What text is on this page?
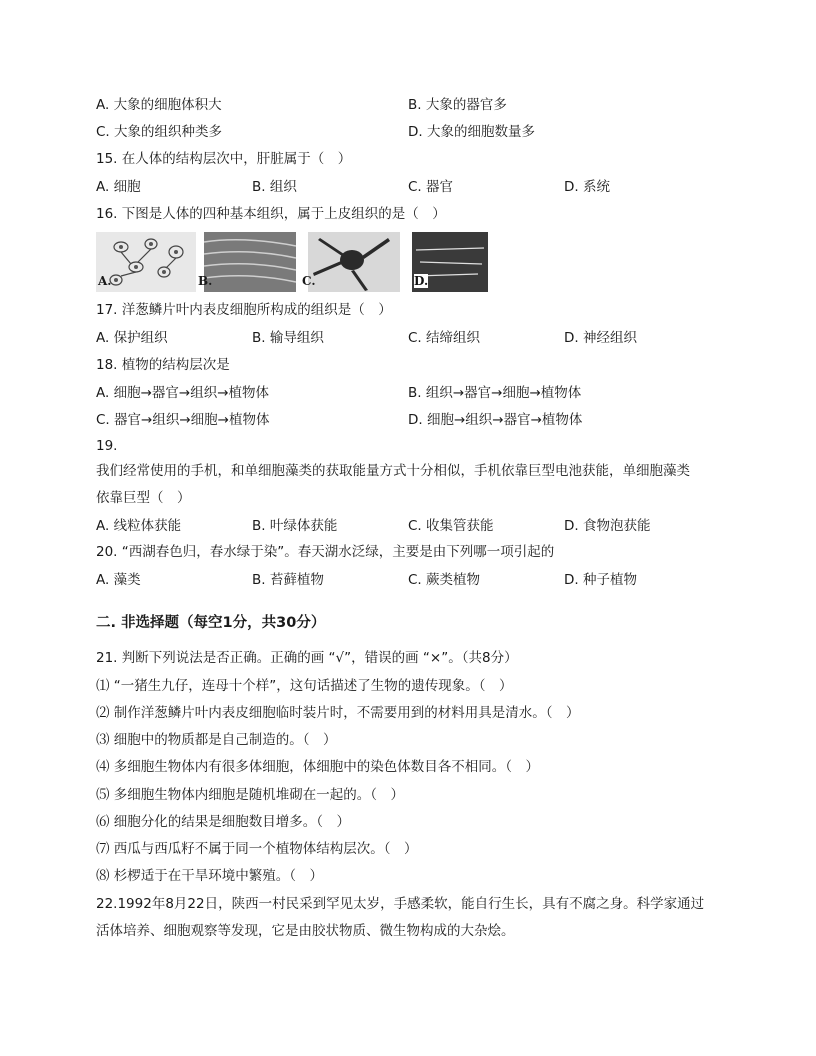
A. 大象的细胞体积大	B. 大象的器官多
C. 大象的组织种类多	D. 大象的细胞数量多
15. 在人体的结构层次中，肝脏属于（　）
A. 细胞	B. 组织	C. 器官	D. 系统
16. 下图是人体的四种基本组织，属于上皮组织的是（　）
A.	B.	C.	D.
17. 洋葱鳞片叶内表皮细胞所构成的组织是（　）
A. 保护组织	B. 输导组织	C. 结缔组织	D. 神经组织
18. 植物的结构层次是
A. 细胞→器官→组织→植物体	B. 组织→器官→细胞→植物体
C. 器官→组织→细胞→植物体	D. 细胞→组织→器官→植物体
19.
我们经常使用的手机，和单细胞藻类的获取能量方式十分相似，手机依靠巨型电池获能，单细胞藻类
依靠巨型（　）
A. 线粒体获能	B. 叶绿体获能	C. 收集管获能	D. 食物泡获能
20. “西湖春色归，春水绿于染”。春天湖水泛绿，主要是由下列哪一项引起的
A. 藻类	B. 苔藓植物	C. 蕨类植物	D. 种子植物
二. 非选择题（每空1分，共30分）
21. 判断下列说法是否正确。正确的画 “√”，错误的画 “×”。（共8分）
⑴ “一猪生九仔，连母十个样”，这句话描述了生物的遗传现象。（　）
⑵ 制作洋葱鳞片叶内表皮细胞临时装片时，不需要用到的材料用具是清水。（　）
⑶ 细胞中的物质都是自己制造的。（　）
⑷ 多细胞生物体内有很多体细胞，体细胞中的染色体数目各不相同。（　）
⑸ 多细胞生物体内细胞是随机堆砌在一起的。（　）
⑹ 细胞分化的结果是细胞数目增多。（　）
⑺ 西瓜与西瓜籽不属于同一个植物体结构层次。（　）
⑻ 杉椤适于在干旱环境中繁殖。（　）
22.1992年8月22日，陕西一村民采到罕见太岁，手感柔软，能自行生长，具有不腐之身。科学家通过
活体培养、细胞观察等发现，它是由胶状物质、微生物构成的大杂烩。
